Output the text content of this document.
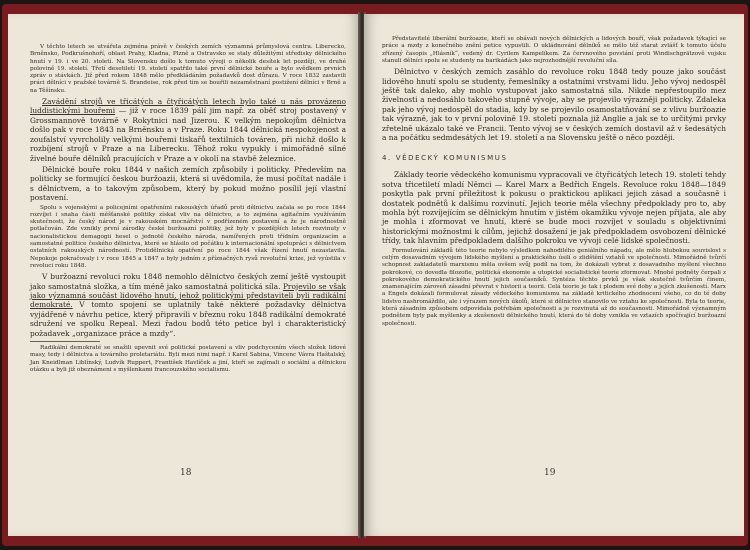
V těchto letech se utvářela zejména právě v českých zemích významná průmyslová centra. Liberecko, Brněnsko, Podkrušnohoří, oblast Prahy, Kladna, Plzně a Ostravsko se staly důležitými středisky dělnického hnutí v 19. i ve 20. století. Na Slovensku došlo k tomuto vývoji o několik desítek let později, ve druhé polovině 19. století. Třetí desetiletí 19. století spatřilo také první dělnické bouře a bylo svědkem prvních zpráv o stávkách. Již před rokem 1848 mělo předkládáním požadavků dost důrazu. V roce 1832 zastavili práci dělníci v pražské továrně S. Brandeise, rok před tím se bouřili nezaměstnaní postižení dělníci v Brně a na Těšínsku.

Zavádění strojů ve třicátých a čtyřicátých letech bylo také u nás provázeno luddistickými bouřemi — již v roce 1839 pálí jim např. za oběť stroj postavený v Grossmannově továrně v Rokytnici nad Jizerou. K velkým nepokojům dělnictva došlo pak v roce 1843 na Brněnsku a v Praze. Roku 1844 dělnická nespokojenost a zoufalství vyvrcholily velkými bouřemi tiskařů textilních továren, při nichž došlo k rozbíjení strojů v Praze a na Liberecku. Těhož roku vypukly i mimořádně silné živelné bouře dělníků pracujících v Praze a v okolí na stavbě železnice.

Dělnické bouře roku 1844 v našich zemích způsobily i politicky. Především na politicky se formující českou buržoazii, která si uvědomila, že musí počítat nadále i s dělnictvem, a to takovým způsobem, který by pokud možno posílil její vlastní postavení.

Spolu s vojenskými a policejními opatřeními rakouských úřadů proti dělnictvu začala se po roce 1844 rozvíjet i snaha části měšťanské politiky získat vliv na dělnictvo, a to zejména agitačním využíváním skutečnosti, že český národ je v rakouském mocnářství v podřízeném postavení a že je národnostně potlačován. Zde vznikly první zárodky české buržoazní politiky, jež byly v pozdějších letech rozvinuty v nacionalistickou demagogii hesel o jednotě českého národa, namířených proti třídním organizacím a samostatné politice českého dělnictva, které se hlásilo od počátku k internacionální spolupráci s dělnictvem ostatních rakouských národností. Protidělnická opatření po roce 1844 však řízení hnutí nezastavila. Nepokoje pokračovaly i v roce 1845 a 1847 a byly jedním z příznačných rysů revoluční krize, jež vyústila v revoluci roku 1848.

V buržoazní revoluci roku 1848 nemohlo dělnictvo českých zemí ještě vystoupit jako samostatná složka, a tím méně jako samostatná politická síla. Projevilo se však jako významná součást lidového hnutí, jehož politickými představiteli byli radikální demokraté. V tomto spojení se uplatnily také některé požadavky dělnictva vyjádřené v návrhu petice, který připravili v březnu roku 1848 radikální demokraté sdružení ve spolku Repeal. Mezi řadou bodů této petice byl i charakteristický požadavek „organizace práce a mzdy“.

Radikální demokraté se snažili upevnit své politické postavení a vliv podchycením všech složek lidové masy, tedy i dělnictva a továrního proletariátu. Byli mezi nimi např. i Karel Sabina, Vincenc Vávra Haštalský, Jan Kneidlman Liblínský, Ludvík Ruppert, František Havlíček a jiní, kteří se zajímali o sociální a dělnickou otázku a byli již obeznámeni s myšlenkami francouzského socialismu.

18

Představitelé liberální buržoazie, kteří se obávali nových dělnických a lidových bouří, však požadavek týkající se práce a mzdy z konečného znění petice vypustili. O ukládnování dělníků se mělo též starat zvlášť k tomuto účelu zřízený časopis „Hlásník“, vedený dr. Cyrilem Kampelíkem. Za červnového povstání proti Windischgrätzově vojsku stanuli dělníci spolu se studenty na barikádách jako nejrozhodnější revoluční síla.

Dělnictvo v českých zemích zasáhlo do revoluce roku 1848 tedy pouze jako součást lidového hnutí spolu se studenty, řemeslníky a ostatními vrstvami lidu. Jeho vývoj nedospěl ještě tak daleko, aby mohlo vystupovat jako samostatná síla. Nikde nepřestoupilo mez živelnosti a nedosáhlo takového stupně vývoje, aby se projevilo výrazněji politicky. Zdaleka pak jeho vývoj nedospěl do stadia, kdy by se projevilo osamostatňování se z vlivu buržoazie tak výrazně, jak to v první polovině 19. století poznala již Anglie a jak se to určitými prvky zřetelně ukázalo také ve Francii. Tento vývoj se v českých zemích dostavil až v šedesátých a na počátku sedmdesátých let 19. století a na Slovensku ještě o něco později.

4. VĚDECKÝ KOMUNISMUS

Základy teorie vědeckého komunismu vypracovali ve čtyřicátých letech 19. století tehdy sotva třicetiletí mladí Němci — Karel Marx a Bedřich Engels. Revoluce roku 1848—1849 poskytla pak první příležitost k pokusu o praktickou aplikaci jejich zásad a současně i dostatek podnětů k dalšímu rozvinutí. Jejich teorie měla všechny předpoklady pro to, aby mohla být rozvíjejícím se dělnickým hnutím v jistém okamžiku vývoje nejen přijata, ale aby je mohla i zformovat ve hnutí, které se bude moci rozvíjet v souladu s objektivními historickými možnostmi k cílům, jejichž dosažení je jak předpokladem osvobození dělnické třídy, tak hlavním předpokladem dalšího pokroku ve vývoji celé lidské společnosti.

Formulování základů této teorie nebylo výsledkem nahodilého geniálního nápadu, ale mělo hlubokou souvislost s celým dosavadním vývojem lidského myšlení a praktického úsilí o zlidštění vztahů ve společnosti. Mimořádně tvůrčí schopnost zakladatelů marxismu měla ovšem svůj podíl na tom, že dokázali vybrat z dosavadního myšlení všechno pokrokové, co dovedla filozofie, politická ekonomie a utopické socialistické teorie zformovat. Mnohé podněty čerpali z pokrokového demokratického hnutí jejich současníků. Syntéza těchto prvků je však skutečně tvůrčím činem, znamenajícím zároveň zásadní převrat v historii a teorii. Celá teorie je tak i plodem své doby a jejích zkušeností. Marx a Engels dokázali formulovat zásady vědeckého komunismu na základě kritického zhodnocení všeho, co do té doby lidstvo nashromáždilo, ale i výrazem nových úkolů, které si dělnictvo stanovilo ve vztahu ke společnosti. Byla to teorie, která zásadním způsobem odpovídala potřebám společnosti a je rozvinutá až do současnosti. Mimořádně významným podnětem byly pak myšlenky a zkušenosti dělnického hnutí, která do té doby vznikla ve vztazích spočívající buržoazní společnosti.

19
